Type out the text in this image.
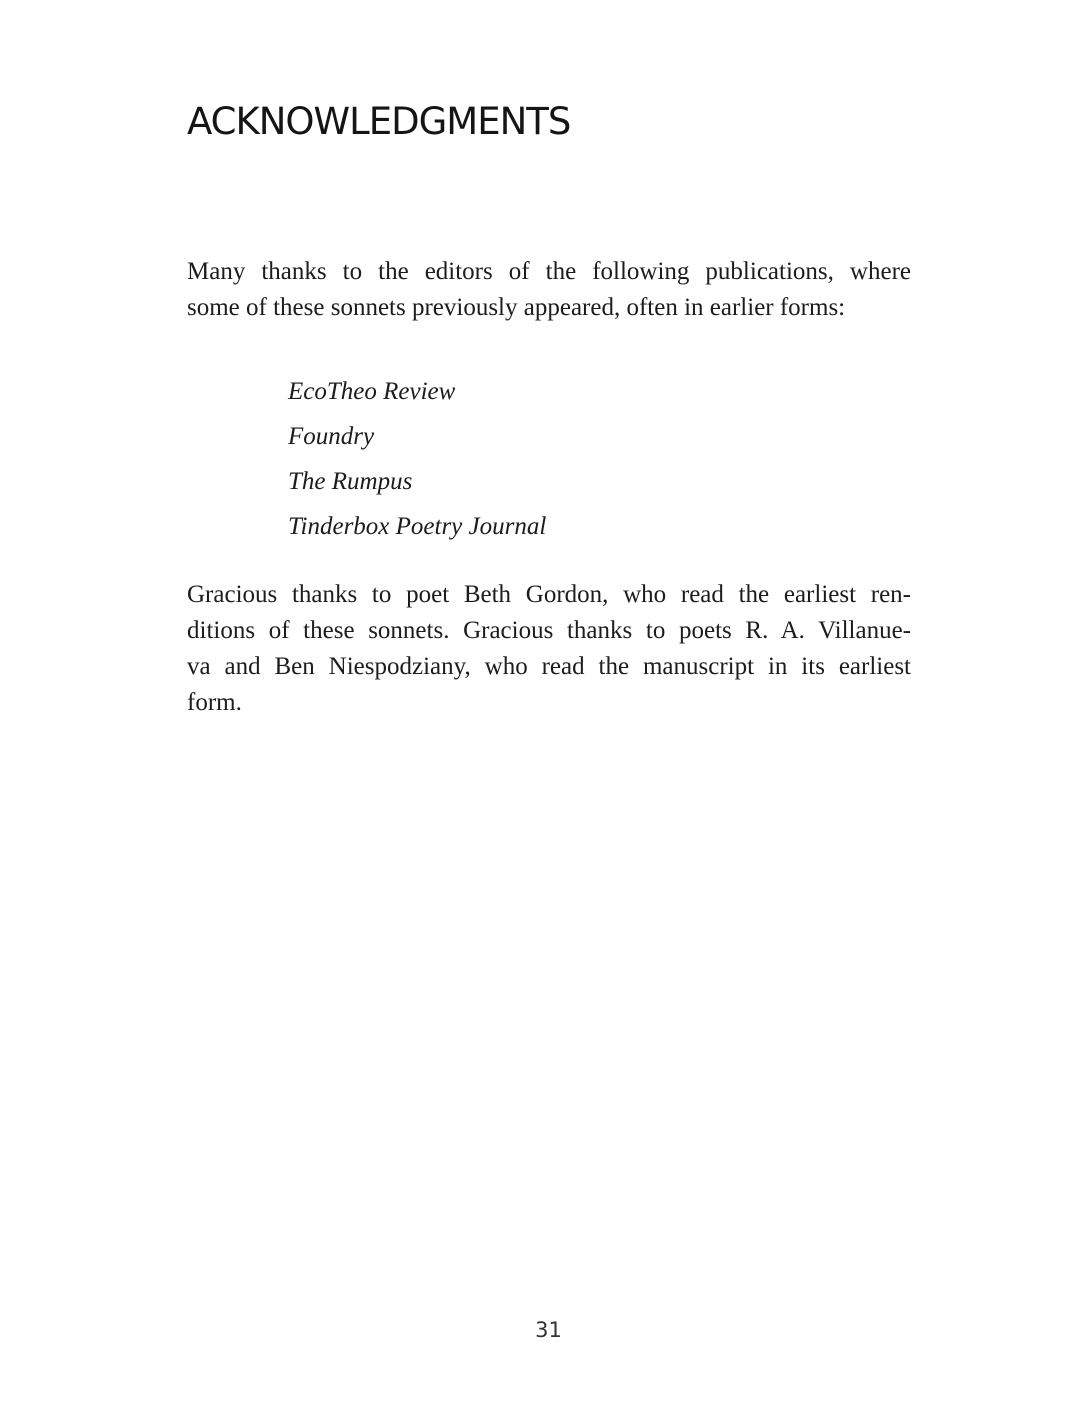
ACKNOWLEDGMENTS

Many thanks to the editors of the following publications, where
some of these sonnets previously appeared, often in earlier forms:

EcoTheo Review
Foundry
The Rumpus
Tinderbox Poetry Journal

Gracious thanks to poet Beth Gordon, who read the earliest ren-
ditions of these sonnets. Gracious thanks to poets R. A. Villanue-
va and Ben Niespodziany, who read the manuscript in its earliest
form.

31
